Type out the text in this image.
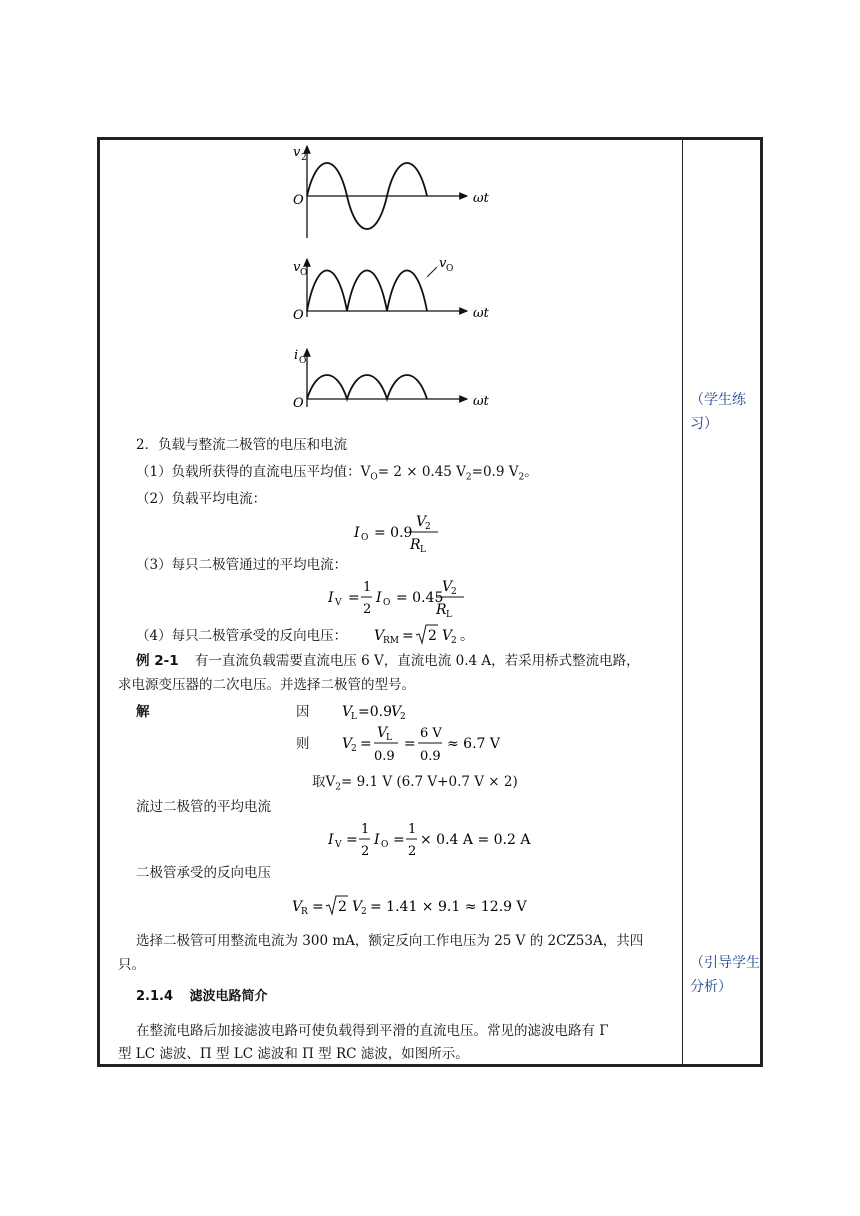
v 2
O	ωt
v O
O	ωt
v O
i O
O	ωt
2．负载与整流二极管的电压和电流
（1）负载所获得的直流电压平均值：$V_O= 2 \times 0.45$ $V_2=0.9$ $V_2$。
（2）负载平均电流：
I O = 0.9
V
2
R L
（3）每只二极管通过的平均电流：
I V =
1
2
I O = 0.45
V
2
R L
（4）每只二极管承受的反向电压： V
RM = 2 V
2 。
例 2-1 有一直流负载需要直流电压 6 V，直流电流 0.4 A，若采用桥式整流电路，
求电源变压器的二次电压。并选择二极管的型号。
解	因 V
L =0.9 V
2
则 V
2 =
V
L
0.9
=
6 V
0.9
≈ 6.7 V
取$V_2= 9.1$ V (6.7 V+0.7 V × 2)
流过二极管的平均电流
I V =
1
2
I O =
1
2
× 0.4 A = 0.2 A
二极管承受的反向电压
V
R = 2 V
2 = 1.41 × 9.1 ≈ 12.9 V
选择二极管可用整流电流为 300 mA，额定反向工作电压为 25 V 的 2CZ53A，共四
只。
2.1.4 滤波电路简介
在整流电路后加接滤波电路可使负载得到平滑的直流电压。常见的滤波电路有 Γ
型 LC 滤波、Π 型 LC 滤波和 Π 型 RC 滤波，如图所示。
（学生练习）
（引导学生分析）
